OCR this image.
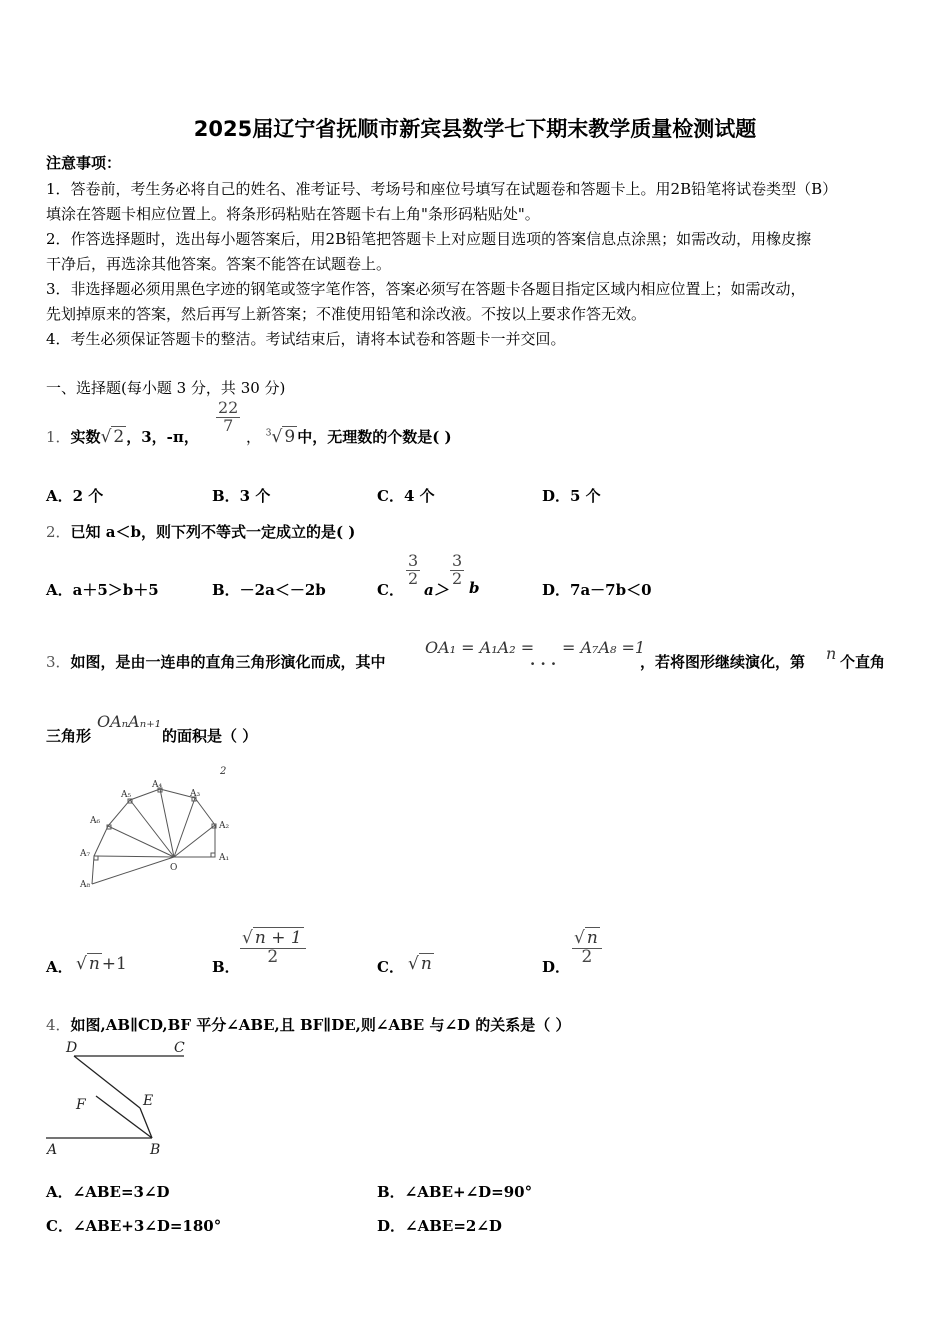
2025届辽宁省抚顺市新宾县数学七下期末教学质量检测试题
注意事项：
1．答卷前，考生务必将自己的姓名、准考证号、考场号和座位号填写在试题卷和答题卡上。用2B铅笔将试卷类型（B）
填涂在答题卡相应位置上。将条形码粘贴在答题卡右上角"条形码粘贴处"。
2．作答选择题时，选出每小题答案后，用2B铅笔把答题卡上对应题目选项的答案信息点涂黑；如需改动，用橡皮擦
干净后，再选涂其他答案。答案不能答在试题卷上。
3．非选择题必须用黑色字迹的钢笔或签字笔作答，答案必须写在答题卡各题目指定区域内相应位置上；如需改动，
先划掉原来的答案，然后再写上新答案；不准使用铅笔和涂改液。不按以上要求作答无效。
4．考生必须保证答题卡的整洁。考试结束后，请将本试卷和答题卡一并交回。
一、选择题(每小题 3 分，共 30 分)
1．实数√ 2 ，3，-π，
$\frac{22}{7}$
， $^3$√ 9 中，无理数的个数是( )
A．2 个	B．3 个	C．4 个	D．5 个
2．已知 a＜b，则下列不等式一定成立的是( )
A．a＋5＞b＋5	B．－2a＜－2b	C．
$\frac{3}{2}$
a＞
$\frac{3}{2}$
b	D．7a－7b＜0
3．如图，是由一连串的直角三角形演化而成，其中
OA₁ = A₁A₂ =
. . .
= A₇A₈ =1
，若将图形继续演化，第 n 个直角
三角形
OAₙAₙ₊₁
的面积是（ ）
2
A₁
A₂
A₃
A₄
A₅
A₆
A₇
A₈
O
A． √ n +1	B．
$\frac{√ n + 1}{2}$
C． √ n	D．
$\frac{√ n}{2}$
4．如图,AB∥CD,BF 平分∠ABE,且 BF∥DE,则∠ABE 与∠D 的关系是（ ）
D	C
F	E
A	B
A．∠ABE=3∠D	B．∠ABE+∠D=90°
C．∠ABE+3∠D=180°	D．∠ABE=2∠D
